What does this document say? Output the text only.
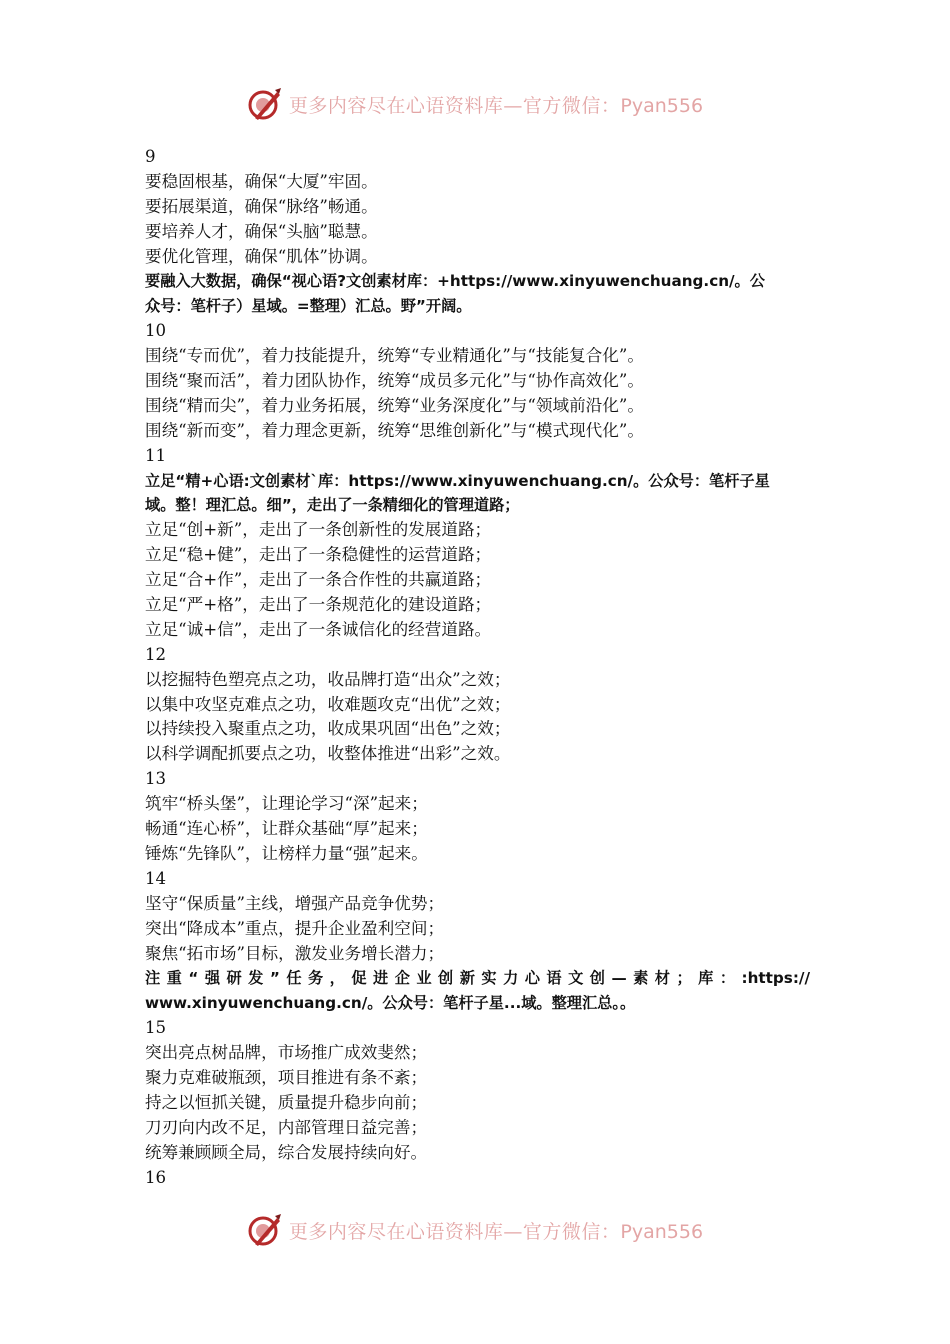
更多内容尽在心语资料库—官方微信：Pyan556
9
要稳固根基，确保“大厦”牢固。
要拓展渠道，确保“脉络”畅通。
要培养人才，确保“头脑”聪慧。
要优化管理，确保“肌体”协调。
要融入大数据，确保“视心语?文创素材库：+https://www.xinyuwenchuang.cn/。公
众号：笔杆子）星域。=整理）汇总。野”开阔。
10
围绕“专而优”，着力技能提升，统筹“专业精通化”与“技能复合化”。
围绕“聚而活”，着力团队协作，统筹“成员多元化”与“协作高效化”。
围绕“精而尖”，着力业务拓展，统筹“业务深度化”与“领域前沿化”。
围绕“新而变”，着力理念更新，统筹“思维创新化”与“模式现代化”。
11
立足“精+心语:文创素材`库：https://www.xinyuwenchuang.cn/。公众号：笔杆子星
域。整！理汇总。细”，走出了一条精细化的管理道路；
立足“创+新”，走出了一条创新性的发展道路；
立足“稳+健”，走出了一条稳健性的运营道路；
立足“合+作”，走出了一条合作性的共赢道路；
立足“严+格”，走出了一条规范化的建设道路；
立足“诚+信”，走出了一条诚信化的经营道路。
12
以挖掘特色塑亮点之功，收品牌打造“出众”之效；
以集中攻坚克难点之功，收难题攻克“出优”之效；
以持续投入聚重点之功，收成果巩固“出色”之效；
以科学调配抓要点之功，收整体推进“出彩”之效。
13
筑牢“桥头堡”，让理论学习“深”起来；
畅通“连心桥”，让群众基础“厚”起来；
锤炼“先锋队”，让榜样力量“强”起来。
14
坚守“保质量”主线，增强产品竞争优势；
突出“降成本”重点，提升企业盈利空间；
聚焦“拓市场”目标，激发业务增长潜力；
注重“强研发”任务，促进企业创新实力心语文创—素材；库：:https://
www.xinyuwenchuang.cn/。公众号：笔杆子星...域。整理汇总。。
15
突出亮点树品牌，市场推广成效斐然；
聚力克难破瓶颈，项目推进有条不紊；
持之以恒抓关键，质量提升稳步向前；
刀刃向内改不足，内部管理日益完善；
统筹兼顾顾全局，综合发展持续向好。
16
更多内容尽在心语资料库—官方微信：Pyan556
